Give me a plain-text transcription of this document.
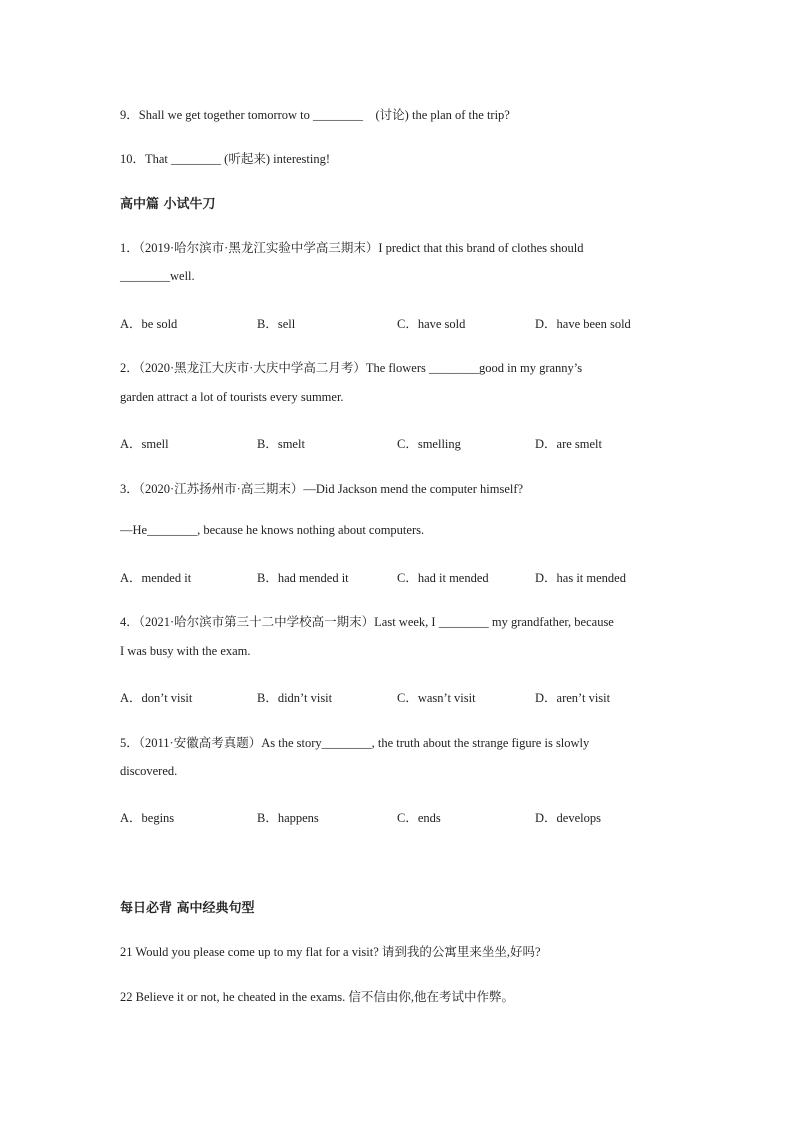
9．Shall we get together tomorrow to ________　(讨论) the plan of the trip?
10．That ________ (听起来) interesting!
高中篇 小试牛刀
1．（2019·哈尔滨市·黑龙江实验中学高三期末）I predict that this brand of clothes should
________well.
A．be sold	B．sell	C．have sold	D．have been sold
2．（2020·黑龙江大庆市·大庆中学高二月考）The flowers ________good in my granny’s
garden attract a lot of tourists every summer.
A．smell	B．smelt	C．smelling	D．are smelt
3．（2020·江苏扬州市·高三期末）—Did Jackson mend the computer himself?
—He________, because he knows nothing about computers.
A．mended it	B．had mended it	C．had it mended	D．has it mended
4．（2021·哈尔滨市第三十二中学校高一期末）Last week, I ________ my grandfather, because
I was busy with the exam.
A．don’t visit	B．didn’t visit	C．wasn’t visit	D．aren’t visit
5．（2011·安徽高考真题）As the story________, the truth about the strange figure is slowly
discovered.
A．begins	B．happens	C．ends	D．develops
每日必背 高中经典句型
21 Would you please come up to my flat for a visit? 请到我的公寓里来坐坐,好吗?
22 Believe it or not, he cheated in the exams. 信不信由你,他在考试中作弊。
